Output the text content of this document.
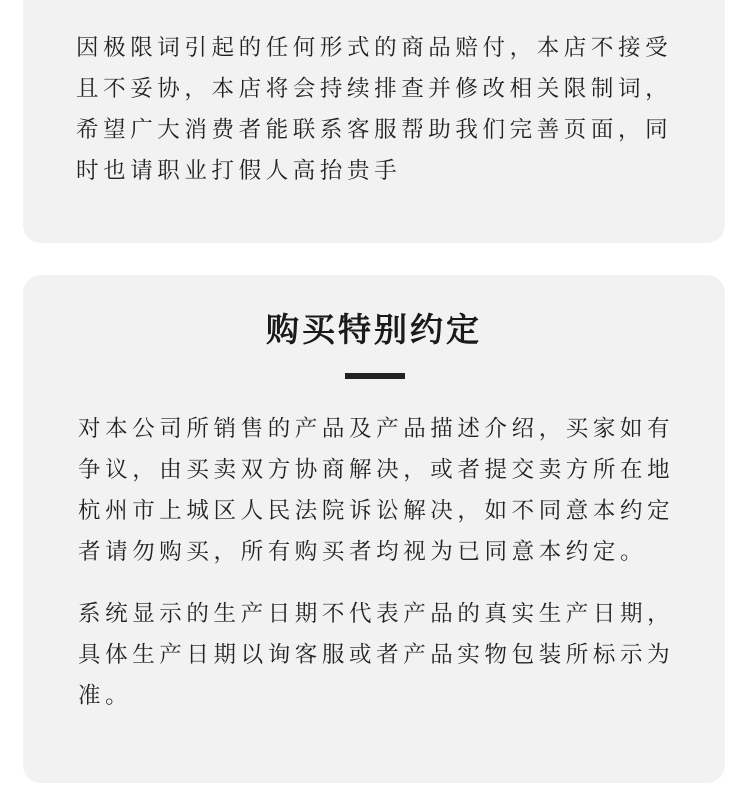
因极限词引起的任何形式的商品赔付，本店不接受且不妥协，本店将会持续排查并修改相关限制词，希望广大消费者能联系客服帮助我们完善页面，同时也请职业打假人高抬贵手

购买特别约定

对本公司所销售的产品及产品描述介绍，买家如有争议，由买卖双方协商解决，或者提交卖方所在地杭州市上城区人民法院诉讼解决，如不同意本约定者请勿购买，所有购买者均视为已同意本约定。

系统显示的生产日期不代表产品的真实生产日期，具体生产日期以询客服或者产品实物包装所标示为准。
